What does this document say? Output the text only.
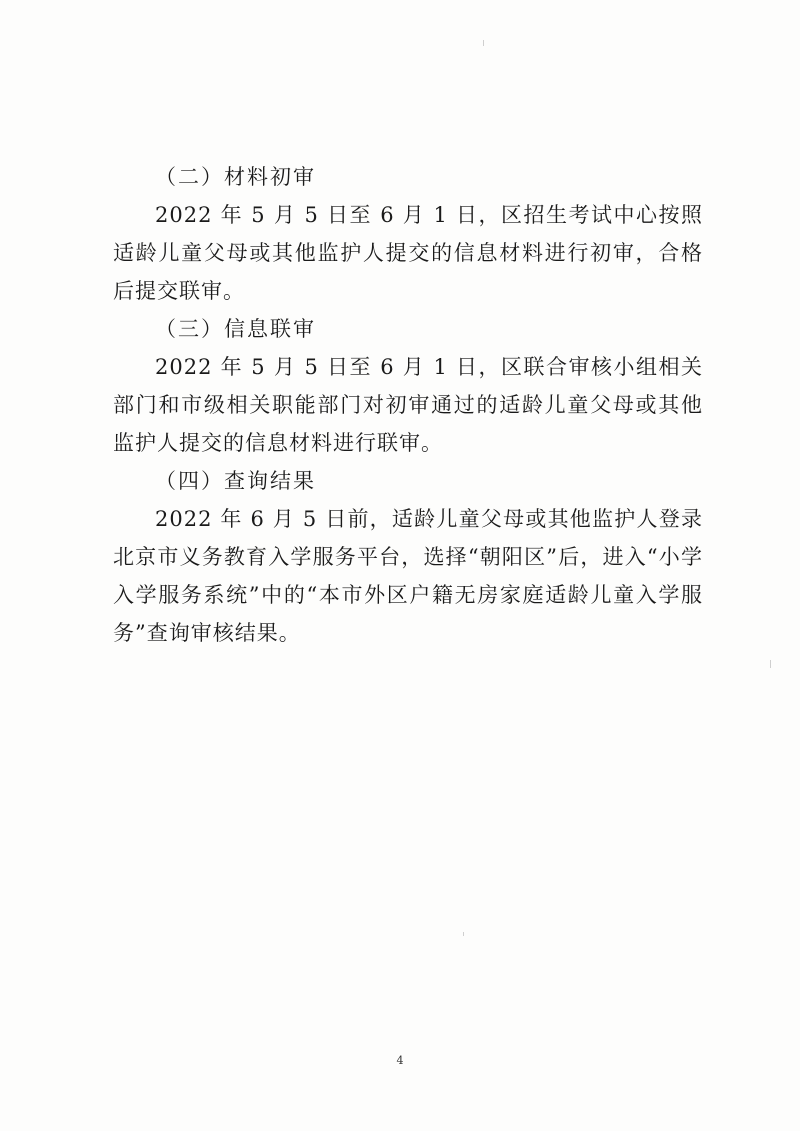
（二）材料初审

2022 年 5 月 5 日至 6 月 1 日，区招生考试中心按照适龄儿童父母或其他监护人提交的信息材料进行初审，合格后提交联审。

（三）信息联审

2022 年 5 月 5 日至 6 月 1 日，区联合审核小组相关部门和市级相关职能部门对初审通过的适龄儿童父母或其他监护人提交的信息材料进行联审。

（四）查询结果

2022 年 6 月 5 日前，适龄儿童父母或其他监护人登录北京市义务教育入学服务平台，选择“朝阳区”后，进入“小学入学服务系统”中的“本市外区户籍无房家庭适龄儿童入学服务”查询审核结果。

4
